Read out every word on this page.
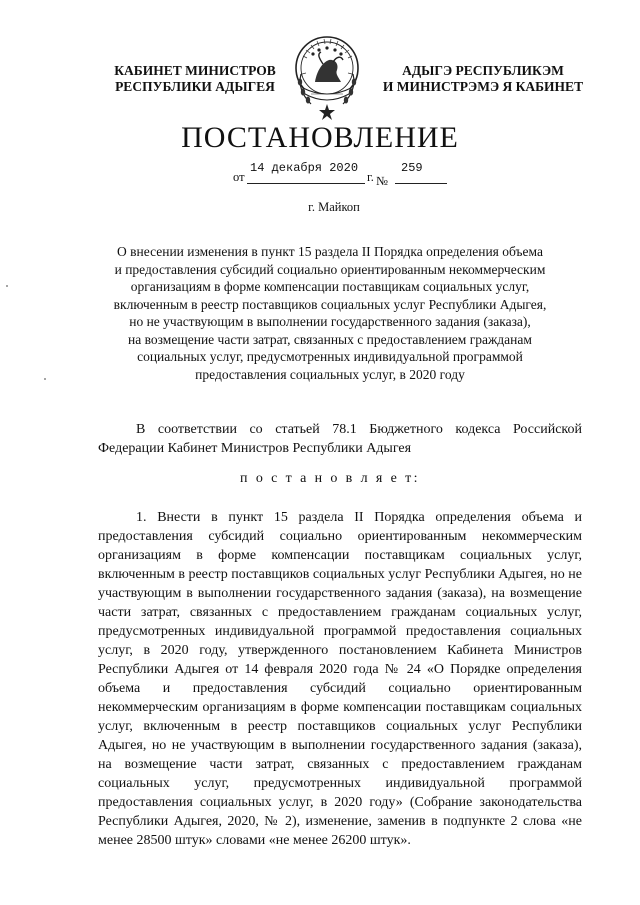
КАБИНЕТ МИНИСТРОВ
РЕСПУБЛИКИ АДЫГЕЯ
АДЫГЭ РЕСПУБЛИКЭМ
И МИНИСТРЭМЭ Я КАБИНЕТ
ПОСТАНОВЛЕНИЕ
от
14 декабря 2020
г. №
259
г. Майкоп
О внесении изменения в пункт 15 раздела II Порядка определения объема
и предоставления субсидий социально ориентированным некоммерческим
организациям в форме компенсации поставщикам социальных услуг,
включенным в реестр поставщиков социальных услуг Республики Адыгея,
но не участвующим в выполнении государственного задания (заказа),
на возмещение части затрат, связанных с предоставлением гражданам
социальных услуг, предусмотренных индивидуальной программой
предоставления социальных услуг, в 2020 году
В соответствии со статьей 78.1 Бюджетного кодекса Российской Федерации Кабинет Министров Республики Адыгея
п о с т а н о в л я е т:
1. Внести в пункт 15 раздела II Порядка определения объема и предоставления субсидий социально ориентированным некоммерческим организациям в форме компенсации поставщикам социальных услуг, включенным в реестр поставщиков социальных услуг Республики Адыгея, но не участвующим в выполнении государственного задания (заказа), на возмещение части затрат, связанных с предоставлением гражданам социальных услуг, предусмотренных индивидуальной программой предоставления социальных услуг, в 2020 году, утвержденного постановлением Кабинета Министров Республики Адыгея от 14 февраля 2020 года № 24 «О Порядке определения объема и предоставления субсидий социально ориентированным некоммерческим организациям в форме компенсации поставщикам социальных услуг, включенным в реестр поставщиков социальных услуг Республики Адыгея, но не участвующим в выполнении государственного задания (заказа), на возмещение части затрат, связанных с предоставлением гражданам социальных услуг, предусмотренных индивидуальной программой предоставления социальных услуг, в 2020 году» (Собрание законодательства Республики Адыгея, 2020, № 2), изменение, заменив в подпункте 2 слова «не менее 28500 штук» словами «не менее 26200 штук».
